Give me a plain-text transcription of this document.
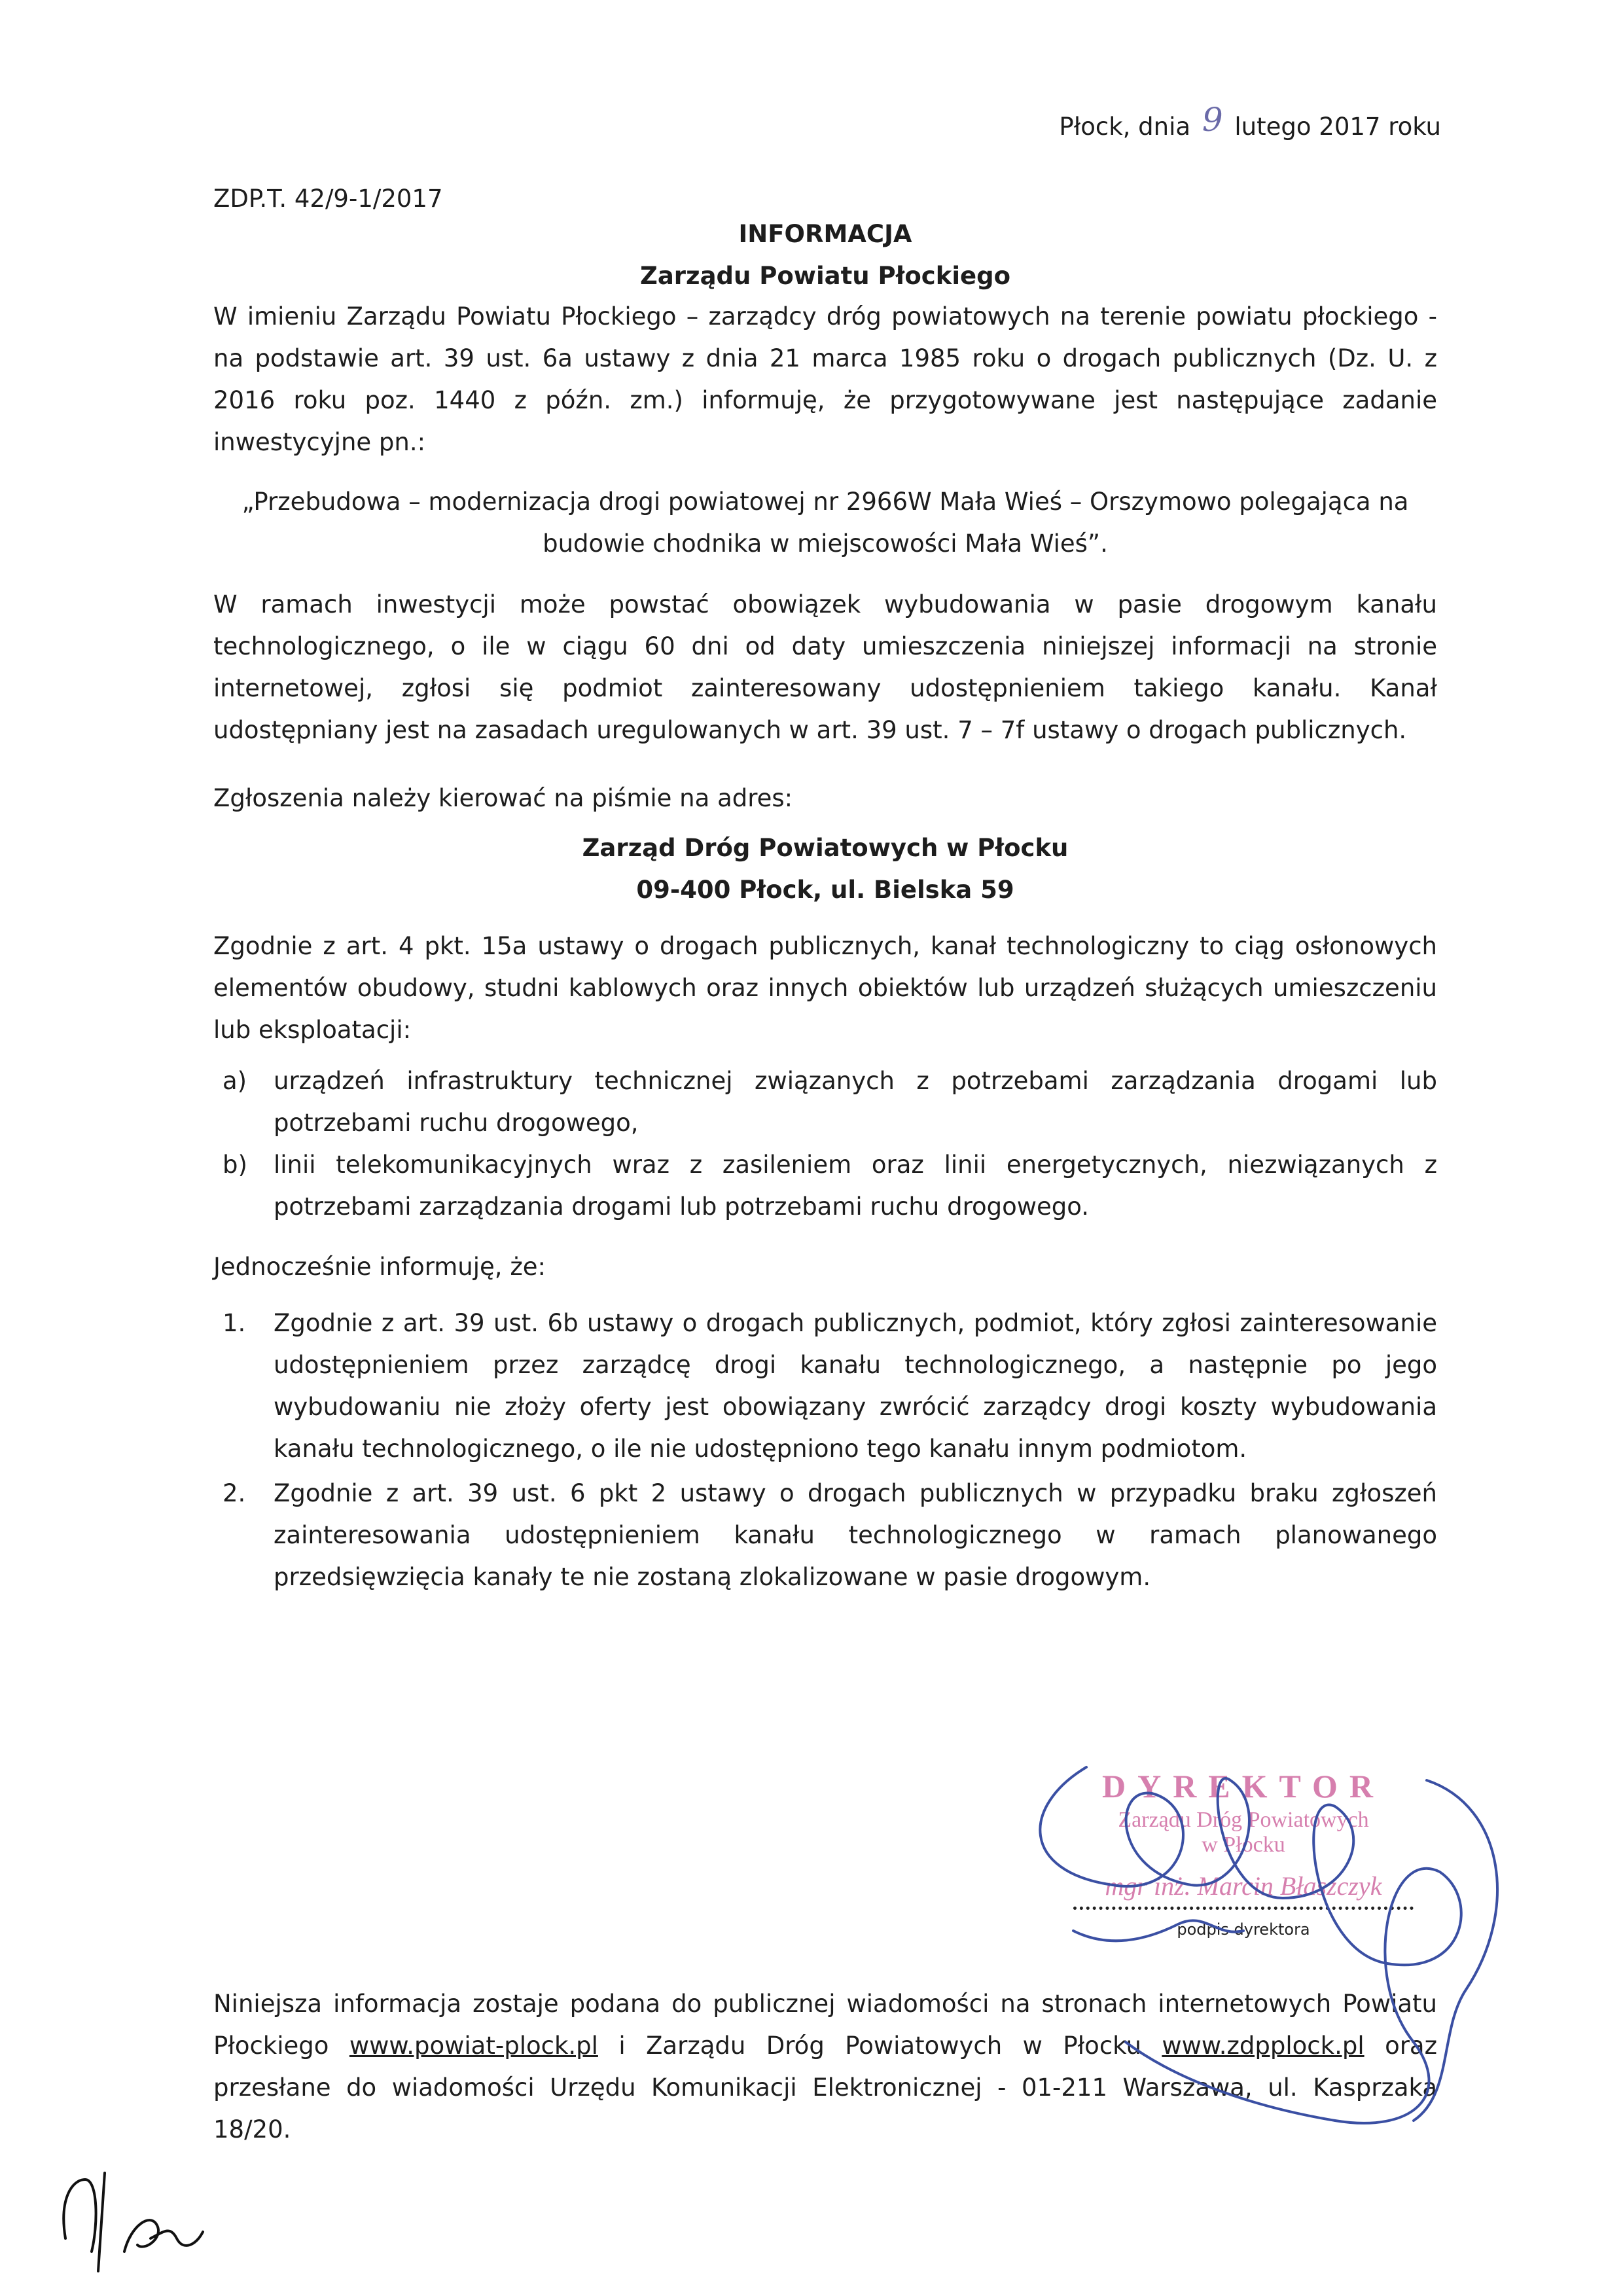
Płock, dnia 9 lutego 2017 roku
ZDP.T. 42/9-1/2017
INFORMACJA
Zarządu Powiatu Płockiego

W imieniu Zarządu Powiatu Płockiego – zarządcy dróg powiatowych na terenie powiatu płockiego - na podstawie art. 39 ust. 6a ustawy z dnia 21 marca 1985 roku o drogach publicznych (Dz. U. z 2016 roku poz. 1440 z późn. zm.) informuję, że przygotowywane jest następujące zadanie inwestycyjne pn.:

„Przebudowa – modernizacja drogi powiatowej nr 2966W Mała Wieś – Orszymowo polegająca na
budowie chodnika w miejscowości Mała Wieś”.

W ramach inwestycji może powstać obowiązek wybudowania w pasie drogowym kanału technologicznego, o ile w ciągu 60 dni od daty umieszczenia niniejszej informacji na stronie internetowej, zgłosi się podmiot zainteresowany udostępnieniem takiego kanału. Kanał udostępniany jest na zasadach uregulowanych w art. 39 ust. 7 – 7f ustawy o drogach publicznych.

Zgłoszenia należy kierować na piśmie na adres:

Zarząd Dróg Powiatowych w Płocku
09-400 Płock, ul. Bielska 59

Zgodnie z art. 4 pkt. 15a ustawy o drogach publicznych, kanał technologiczny to ciąg osłonowych elementów obudowy, studni kablowych oraz innych obiektów lub urządzeń służących umieszczeniu lub eksploatacji:

a) urządzeń infrastruktury technicznej związanych z potrzebami zarządzania drogami lub potrzebami ruchu drogowego,
b) linii telekomunikacyjnych wraz z zasileniem oraz linii energetycznych, niezwiązanych z potrzebami zarządzania drogami lub potrzebami ruchu drogowego.

Jednocześnie informuję, że:

1. Zgodnie z art. 39 ust. 6b ustawy o drogach publicznych, podmiot, który zgłosi zainteresowanie udostępnieniem przez zarządcę drogi kanału technologicznego, a następnie po jego wybudowaniu nie złoży oferty jest obowiązany zwrócić zarządcy drogi koszty wybudowania kanału technologicznego, o ile nie udostępniono tego kanału innym podmiotom.
2. Zgodnie z art. 39 ust. 6 pkt 2 ustawy o drogach publicznych w przypadku braku zgłoszeń zainteresowania udostępnieniem kanału technologicznego w ramach planowanego przedsięwzięcia kanały te nie zostaną zlokalizowane w pasie drogowym.
DYREKTOR
Zarządu Dróg Powiatowych
w Płocku
mgr inż. Marcin Błaszczyk
podpis dyrektora

Niniejsza informacja zostaje podana do publicznej wiadomości na stronach internetowych Powiatu Płockiego www.powiat-plock.pl i Zarządu Dróg Powiatowych w Płocku www.zdpplock.pl oraz przesłane do wiadomości Urzędu Komunikacji Elektronicznej - 01-211 Warszawa, ul. Kasprzaka 18/20.
